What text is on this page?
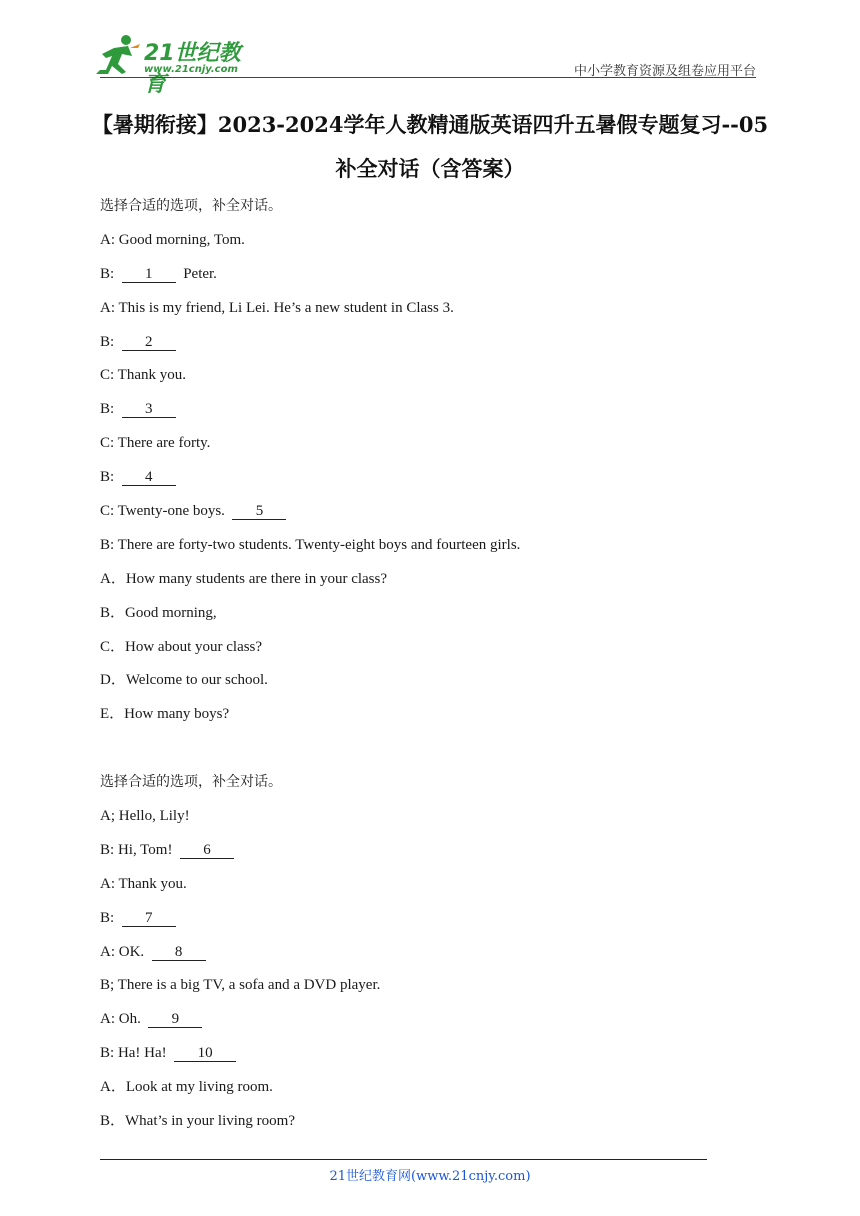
21世纪教育
www.21cnjy.com	中小学教育资源及组卷应用平台
【暑期衔接】2023-2024学年人教精通版英语四升五暑假专题复习--05
补全对话（含答案）
选择合适的选项，补全对话。
A: Good morning, Tom.
B: 1 Peter.
A: This is my friend, Li Lei. He’s a new student in Class 3.
B: 2
C: Thank you.
B: 3
C: There are forty.
B: 4
C: Twenty-one boys. 5
B: There are forty-two students. Twenty-eight boys and fourteen girls.
A．How many students are there in your class?
B．Good morning,
C．How about your class?
D．Welcome to our school.
E．How many boys?
选择合适的选项，补全对话。
A; Hello, Lily!
B: Hi, Tom! 6
A: Thank you.
B: 7
A: OK. 8
B; There is a big TV, a sofa and a DVD player.
A: Oh. 9
B: Ha! Ha! 10
A．Look at my living room.
B．What’s in your living room?
21世纪教育网(www.21cnjy.com)
